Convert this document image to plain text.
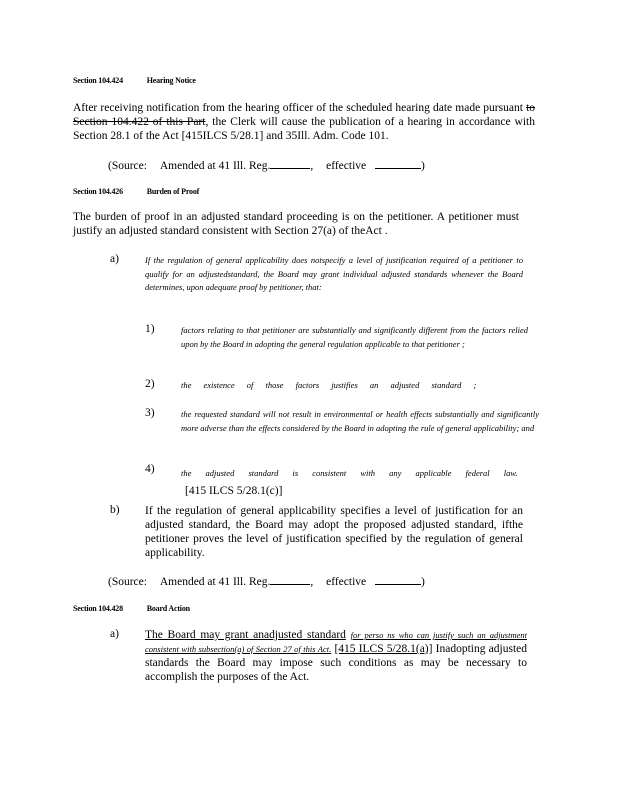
Section 104.424	Hearing Notice
After receiving notification from the hearing officer of the scheduled hearing date made pursuant to Section 104.422 of this Part, the Clerk will cause the publication of a hearing in accordance with Section 28.1 of the Act [415ILCS 5/28.1] and 35Ill. Adm. Code 101.
(Source: Amended at 41 Ill. Reg.	, effective	)
Section 104.426	Burden of Proof
The burden of proof in an adjusted standard proceeding is on the petitioner. A petitioner must justify an adjusted standard consistent with Section 27(a) of theAct .
a)	If the regulation of general applicability does notspecify a level of justification required of a petitioner to qualify for an adjustedstandard, the Board may grant individual adjusted standards whenever the Board determines, upon adequate proof by petitioner, that:
1)	factors relating to that petitioner are substantially and significantly different from the factors relied upon by the Board in adopting the general regulation applicable to that petitioner ;
2)	the existence of those factors justifies an adjusted standard ;
3)	the requested standard will not result in environmental or health effects substantially and significantly more adverse than the effects considered by the Board in adopting the rule of general applicability; and
4)	the adjusted standard is consistent with any applicable federal law. [415 ILCS 5/28.1(c)]
b) If the regulation of general applicability specifies a level of justification for an adjusted standard, the Board may adopt the proposed adjusted standard, ifthe petitioner proves the level of justification specified by the regulation of general applicability.
(Source: Amended at 41 Ill. Reg.	, effective	)
Section 104.428	Board Action
a) The Board may grant anadjusted standard for perso ns who can justify such an adjustment consistent with subsection(a) of Section 27 of this Act. [415 ILCS 5/28.1(a)] Inadopting adjusted standards the Board may impose such conditions as may be necessary to accomplish the purposes of the Act.
